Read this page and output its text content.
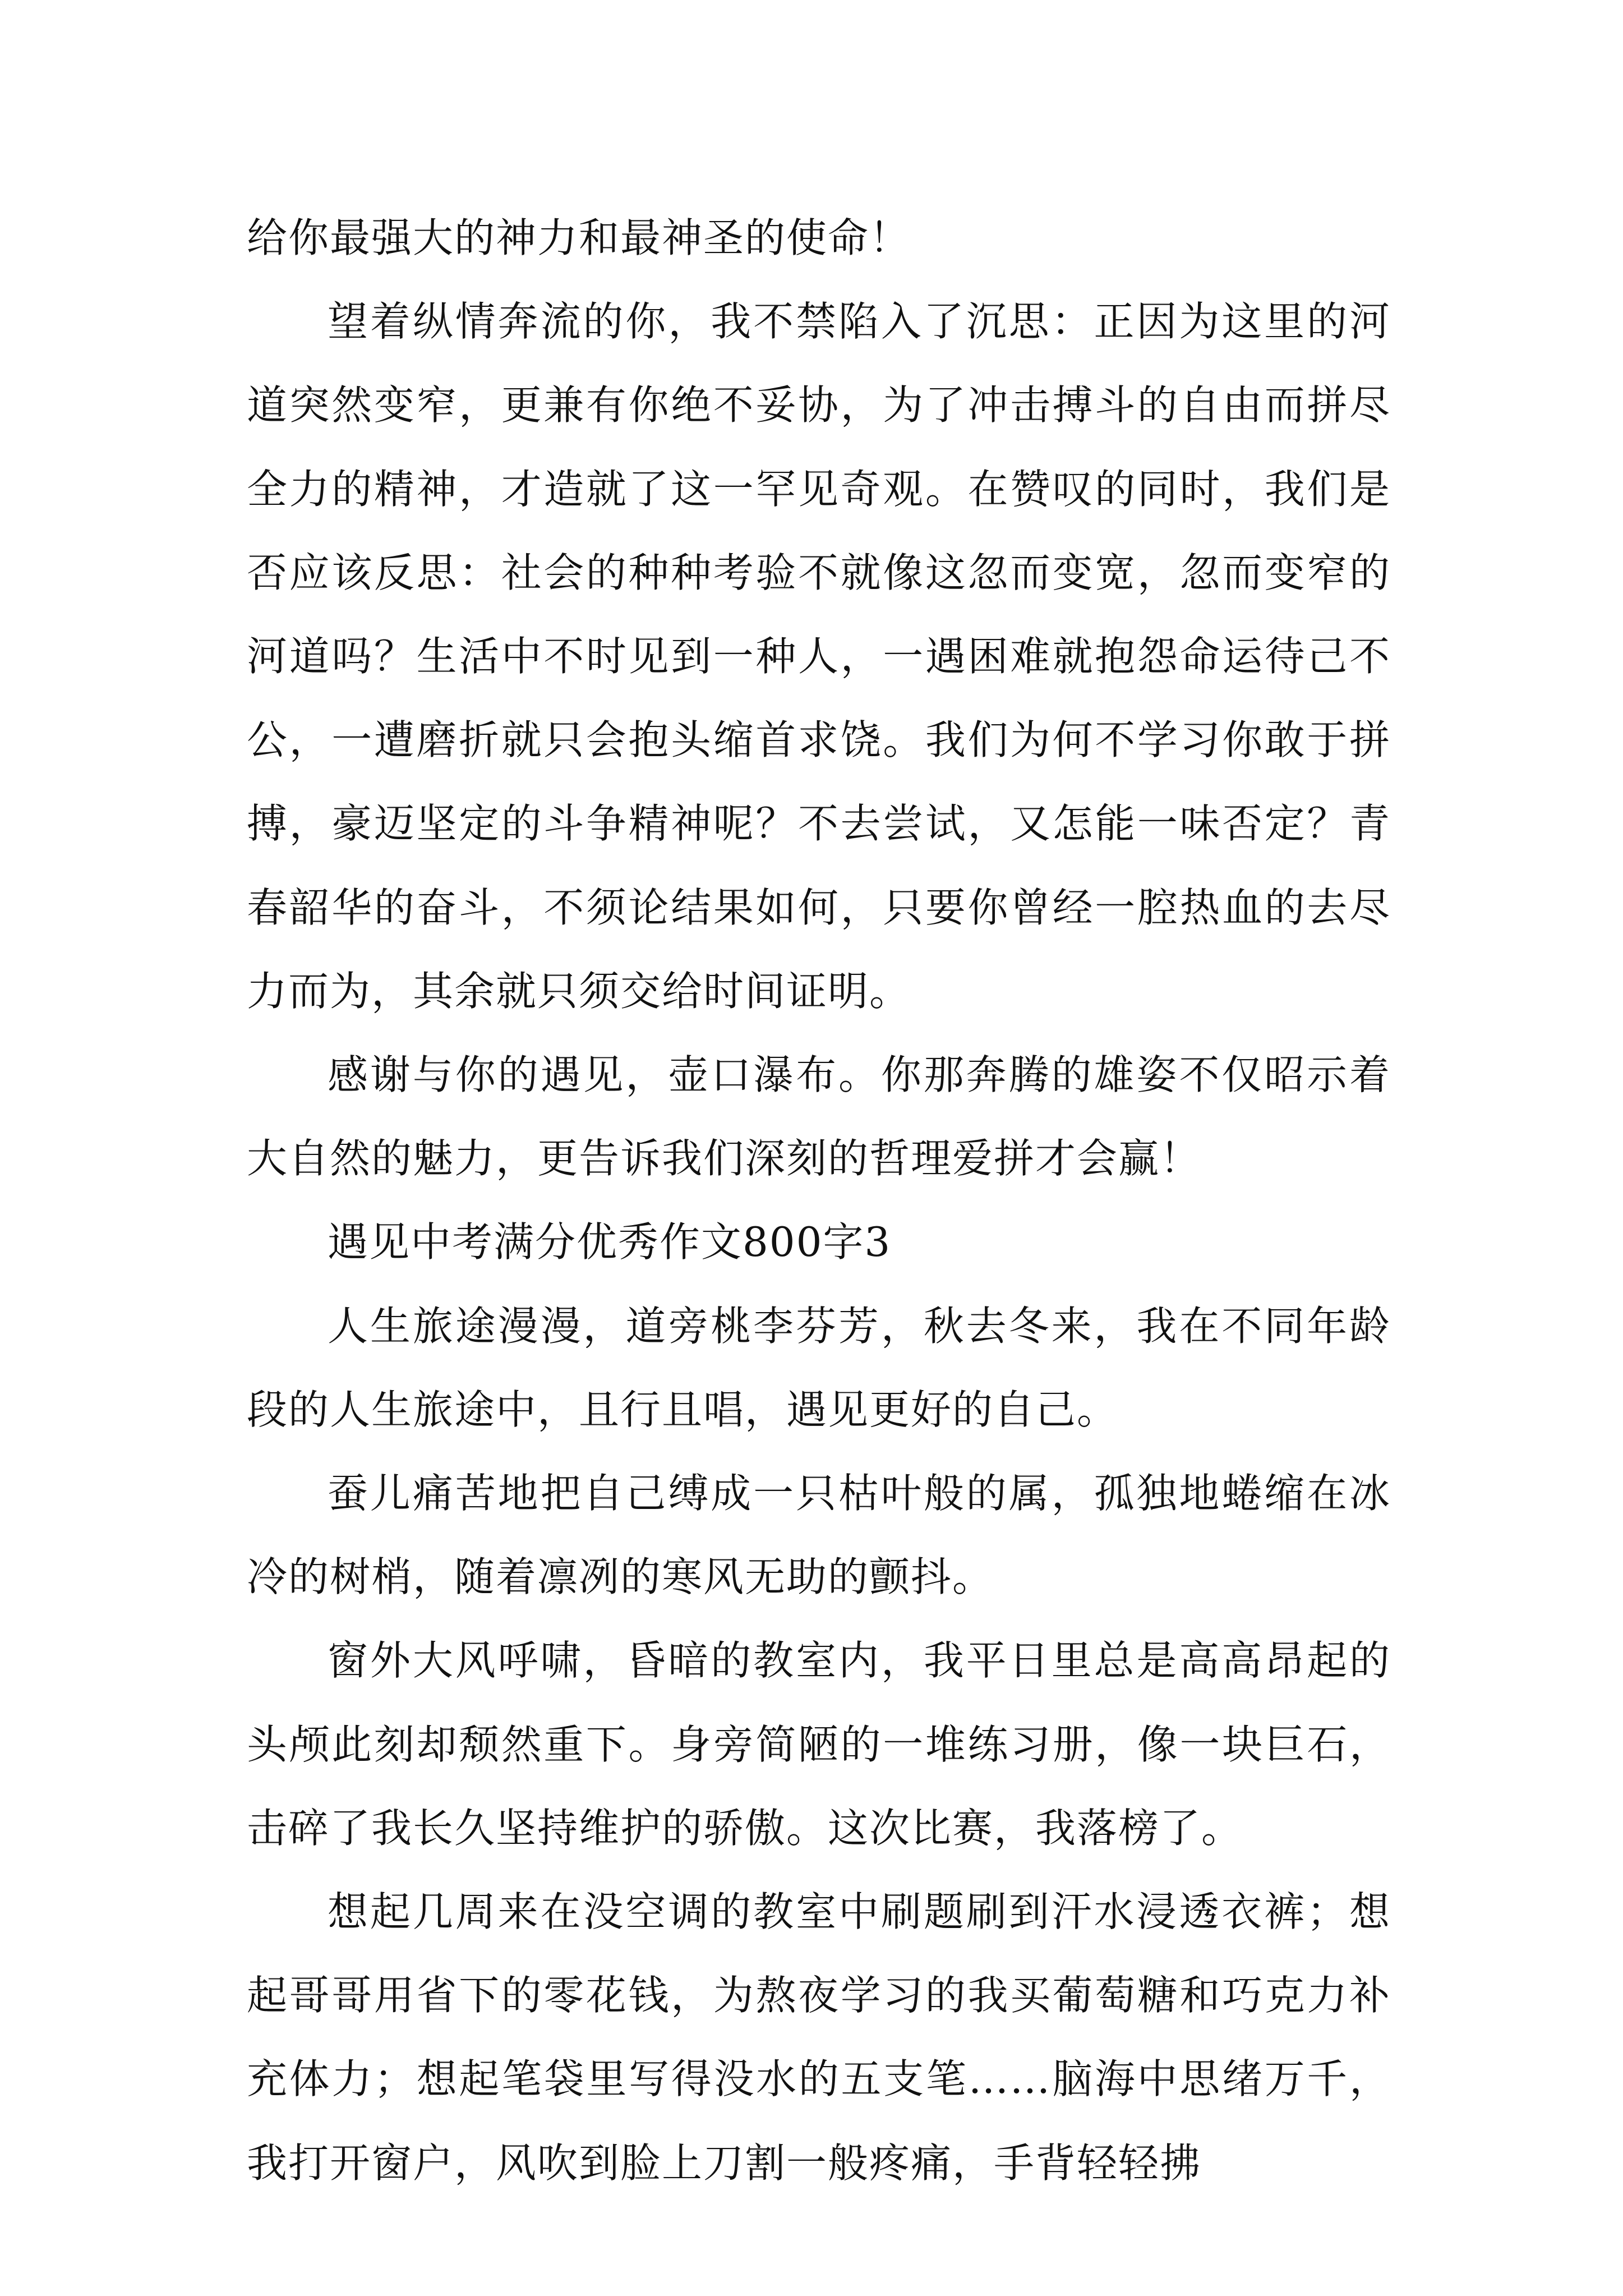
给你最强大的神力和最神圣的使命！

望着纵情奔流的你，我不禁陷入了沉思：正因为这里的河道突然变窄，更兼有你绝不妥协，为了冲击搏斗的自由而拼尽全力的精神，才造就了这一罕见奇观。在赞叹的同时，我们是否应该反思：社会的种种考验不就像这忽而变宽，忽而变窄的河道吗？生活中不时见到一种人，一遇困难就抱怨命运待己不公，一遭磨折就只会抱头缩首求饶。我们为何不学习你敢于拼搏，豪迈坚定的斗争精神呢？不去尝试，又怎能一味否定？青春韶华的奋斗，不须论结果如何，只要你曾经一腔热血的去尽力而为，其余就只须交给时间证明。

感谢与你的遇见，壶口瀑布。你那奔腾的雄姿不仅昭示着大自然的魅力，更告诉我们深刻的哲理爱拼才会赢！

遇见中考满分优秀作文800字3

人生旅途漫漫，道旁桃李芬芳，秋去冬来，我在不同年龄段的人生旅途中，且行且唱，遇见更好的自己。

蚕儿痛苦地把自己缚成一只枯叶般的属，孤独地蜷缩在冰冷的树梢，随着凛冽的寒风无助的颤抖。

窗外大风呼啸，昏暗的教室内，我平日里总是高高昂起的头颅此刻却颓然重下。身旁简陋的一堆练习册，像一块巨石，击碎了我长久坚持维护的骄傲。这次比赛，我落榜了。

想起几周来在没空调的教室中刷题刷到汗水浸透衣裤；想起哥哥用省下的零花钱，为熬夜学习的我买葡萄糖和巧克力补充体力；想起笔袋里写得没水的五支笔……脑海中思绪万千，我打开窗户，风吹到脸上刀割一般疼痛，手背轻轻拂
